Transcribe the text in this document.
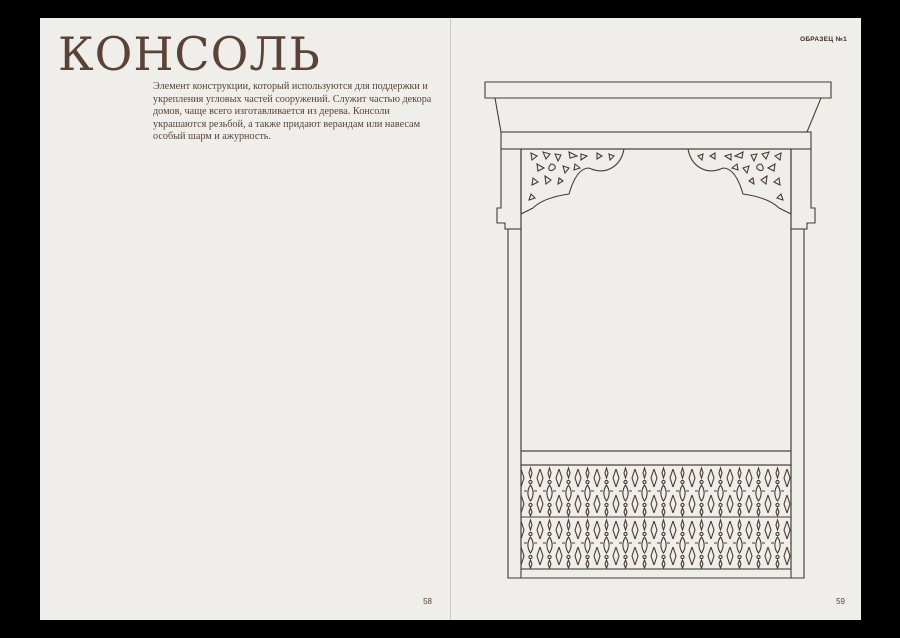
КОНСОЛЬ

Элемент конструкции, который используются для поддержки и укрепления угловых частей сооружений. Служит частью декора домов, чаще всего изготавливается из дерева. Консоли украшаются резьбой, а также придают верандам или навесам особый шарм и ажурность.

58
ОБРАЗЕЦ №1
59
